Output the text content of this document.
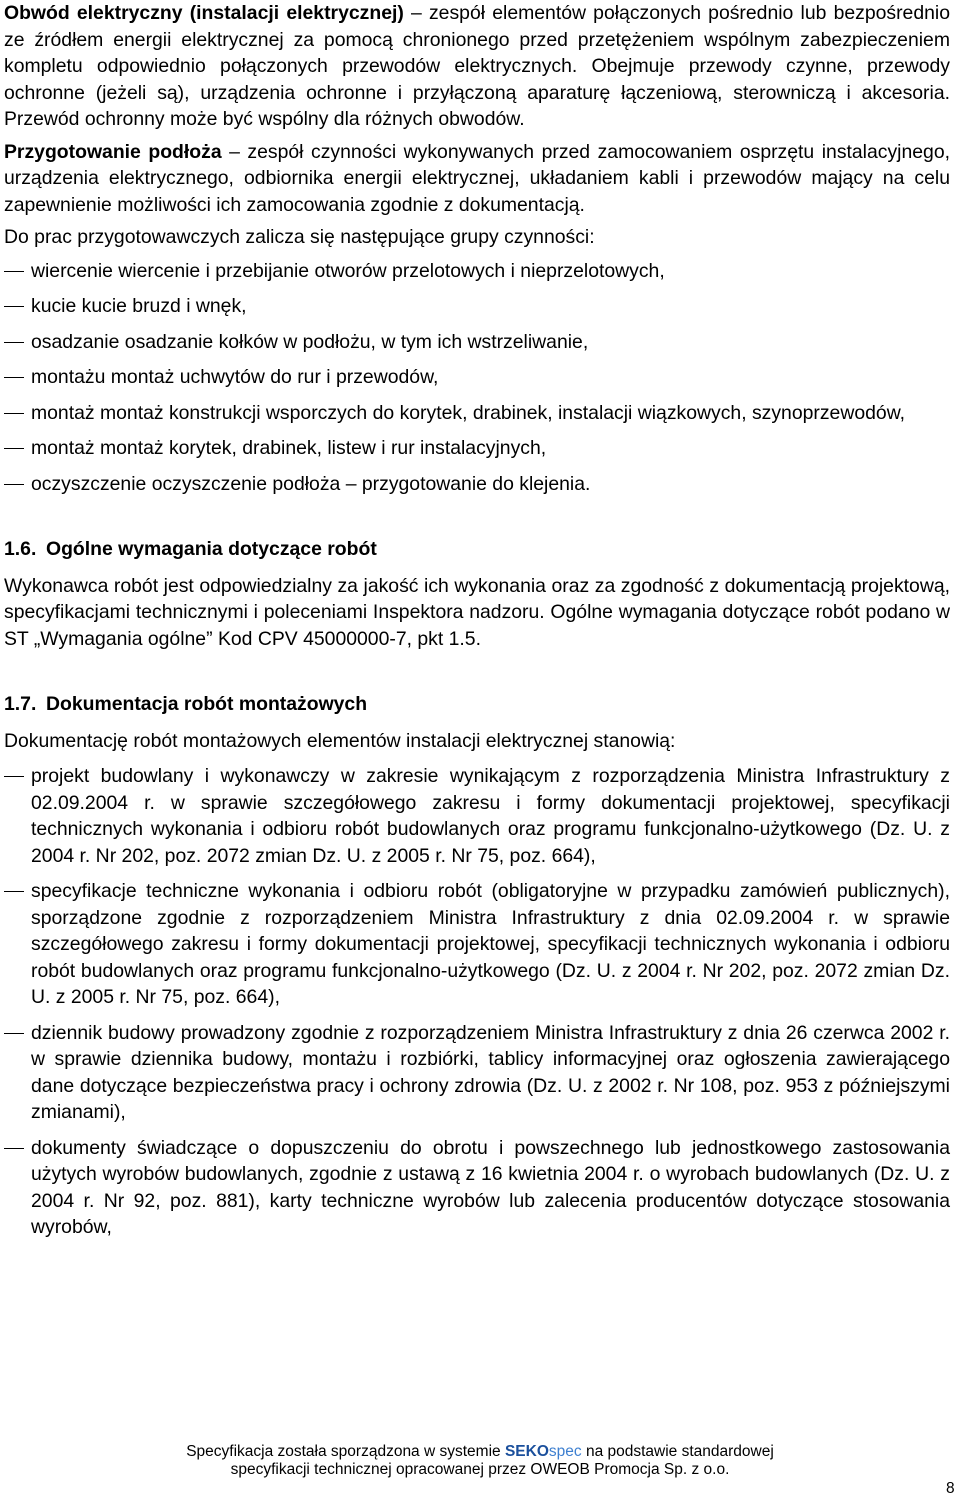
Obwód elektryczny (instalacji elektrycznej) – zespół elementów połączonych pośrednio lub bezpośrednio ze źródłem energii elektrycznej za pomocą chronionego przed przetężeniem wspólnym zabezpieczeniem kompletu odpowiednio połączonych przewodów elektrycznych. Obejmuje przewody czynne, przewody ochronne (jeżeli są), urządzenia ochronne i przyłączoną aparaturę łączeniową, sterowniczą i akcesoria. Przewód ochronny może być wspólny dla różnych obwodów.

Przygotowanie podłoża – zespół czynności wykonywanych przed zamocowaniem osprzętu instalacyjnego, urządzenia elektrycznego, odbiornika energii elektrycznej, układaniem kabli i przewodów mający na celu zapewnienie możliwości ich zamocowania zgodnie z dokumentacją.

Do prac przygotowawczych zalicza się następujące grupy czynności:

wiercenie wiercenie i przebijanie otworów przelotowych i nieprzelotowych,
kucie kucie bruzd i wnęk,
osadzanie osadzanie kołków w podłożu, w tym ich wstrzeliwanie,
montażu montaż uchwytów do rur i przewodów,
montaż montaż konstrukcji wsporczych do korytek, drabinek, instalacji wiązkowych, szynoprzewodów,
montaż montaż korytek, drabinek, listew i rur instalacyjnych,
oczyszczenie oczyszczenie podłoża – przygotowanie do klejenia.
1.6. Ogólne wymagania dotyczące robót

Wykonawca robót jest odpowiedzialny za jakość ich wykonania oraz za zgodność z dokumentacją projektową, specyfikacjami technicznymi i poleceniami Inspektora nadzoru. Ogólne wymagania dotyczące robót podano w ST „Wymagania ogólne” Kod CPV 45000000-7, pkt 1.5.

1.7. Dokumentacja robót montażowych

Dokumentację robót montażowych elementów instalacji elektrycznej stanowią:

projekt budowlany i wykonawczy w zakresie wynikającym z rozporządzenia Ministra Infrastruktury z 02.09.2004 r. w sprawie szczegółowego zakresu i formy dokumentacji projektowej, specyfikacji technicznych wykonania i odbioru robót budowlanych oraz programu funkcjonalno-użytkowego (Dz. U. z 2004 r. Nr 202, poz. 2072 zmian Dz. U. z 2005 r. Nr 75, poz. 664),
specyfikacje techniczne wykonania i odbioru robót (obligatoryjne w przypadku zamówień publicznych), sporządzone zgodnie z rozporządzeniem Ministra Infrastruktury z dnia 02.09.2004 r. w sprawie szczegółowego zakresu i formy dokumentacji projektowej, specyfikacji technicznych wykonania i odbioru robót budowlanych oraz programu funkcjonalno-użytkowego (Dz. U. z 2004 r. Nr 202, poz. 2072 zmian Dz. U. z 2005 r. Nr 75, poz. 664),
dziennik budowy prowadzony zgodnie z rozporządzeniem Ministra Infrastruktury z dnia 26 czerwca 2002 r. w sprawie dziennika budowy, montażu i rozbiórki, tablicy informacyjnej oraz ogłoszenia zawierającego dane dotyczące bezpieczeństwa pracy i ochrony zdrowia (Dz. U. z 2002 r. Nr 108, poz. 953 z późniejszymi zmianami),
dokumenty świadczące o dopuszczeniu do obrotu i powszechnego lub jednostkowego zastosowania użytych wyrobów budowlanych, zgodnie z ustawą z 16 kwietnia 2004 r. o wyrobach budowlanych (Dz. U. z 2004 r. Nr 92, poz. 881), karty techniczne wyrobów lub zalecenia producentów dotyczące stosowania wyrobów,
Specyfikacja została sporządzona w systemie SEKOspec na podstawie standardowej
specyfikacji technicznej opracowanej przez OWEOB Promocja Sp. z o.o.
8
